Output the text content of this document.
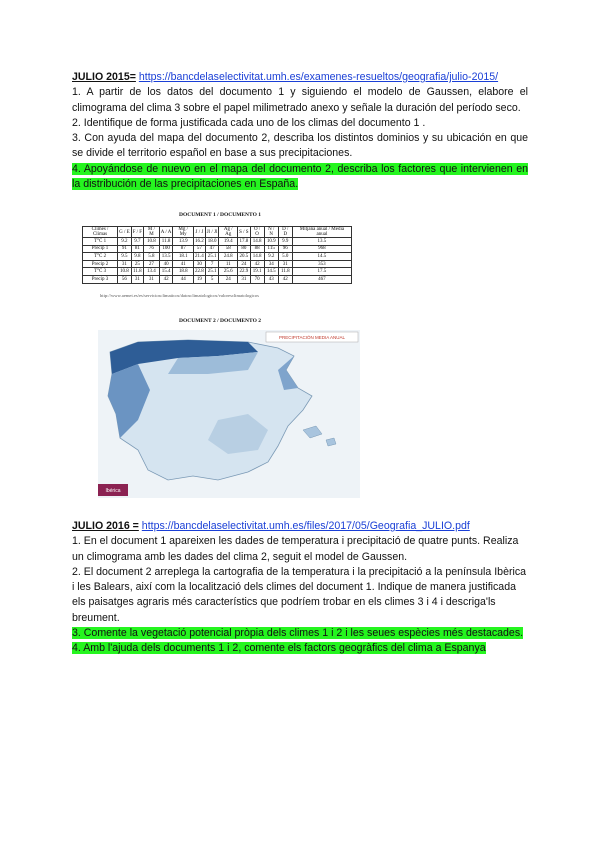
JULIO 2015= https://bancdelaselectivitat.umh.es/examenes-resueltos/geografia/julio-2015/

1. A partir de los datos del documento 1 y siguiendo el modelo de Gaussen, elabore el climograma del clima 3 sobre el papel milimetrado anexo y señale la duración del período seco.

2. Identifique de forma justificada cada uno de los climas del documento 1 .

3. Con ayuda del mapa del documento 2, describa los distintos dominios y su ubicación en que se divide el territorio español en base a sus precipitaciones.

4. Apoyándose de nuevo en el mapa del documento 2, describa los factores que intervienen en la distribución de las precipitaciones en España.

DOCUMENT 1 / DOCUMENTO 1
Climes / Climas	G / E	F / F	M / M	A / A	Mg / My	J / J	Jl / Jl	Ag / Ag	S / S	O / O	N / N	D / D	Mitjana anual / Media anual
T°C 1	9.2	9.7	10.8	11.8	13.9	16.2	18.0	19.4	17.8	14.8	10.9	9.9	13.5
Precip 1	91	81	76	100	87	57	47	58	80	88	115	96	968
T°C 2	9.5	9.8	5.8	13.5	18.1	21.4	25.1	24.8	20.5	14.8	9.2	5.0	14.5
Precip 2	31	25	27	40	41	30	7	11	24	42	34	31	353
T°C 3	10.8	11.8	13.4	15.4	18.8	22.8	25.1	25.6	22.9	19.1	14.5	11.8	17.5
Precip 3	56	31	31	42	44	19	5	24	31	70	43	42	467
http://www.aemet.es/es/serviciosclimaticos/datosclimatologicos/valoresclimatologicos
DOCUMENT 2 / DOCUMENTO 2
PRECIPITACIÓN MEDIA ANUAL
Ibérica

JULIO 2016 = https://bancdelaselectivitat.umh.es/files/2017/05/Geografia_JULIO.pdf

1. En el document 1 apareixen les dades de temperatura i precipitació de quatre punts. Realiza un climograma amb les dades del clima 2, seguit el model de Gaussen.

2. El document 2 arreplega la cartografia de la temperatura i la precipitació a la península Ibèrica i les Balears, així com la localització dels climes del document 1. Indique de manera justificada els paisatges agraris més característics que podríem trobar en els climes 3 i 4 i descriga'ls breument.

3. Comente la vegetació potencial pròpia dels climes 1 i 2 i les seues espècies més destacades.

4. Amb l'ajuda dels documents 1 i 2, comente els factors geogràfics del clima a Espanya
